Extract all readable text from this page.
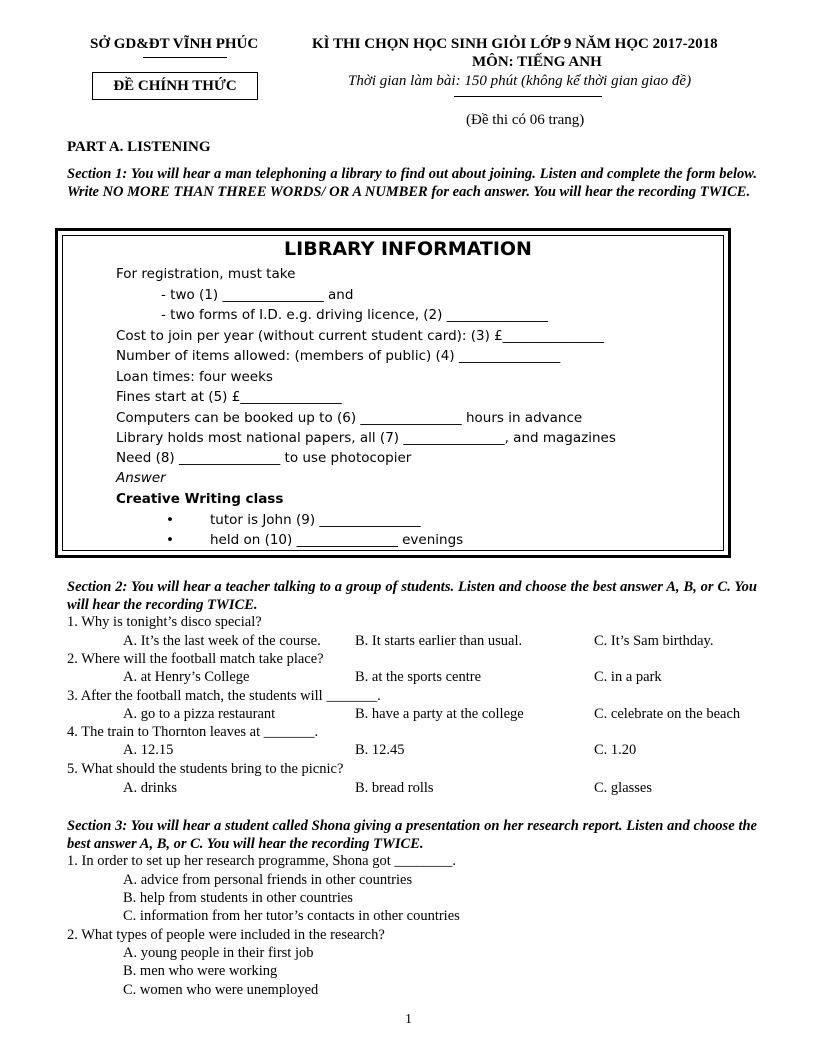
SỞ GD&ĐT VĨNH PHÚC
ĐỀ CHÍNH THỨC
KÌ THI CHỌN HỌC SINH GIỎI LỚP 9 NĂM HỌC 2017-2018
MÔN: TIẾNG ANH
Thời gian làm bài: 150 phút (không kể thời gian giao đề)
(Đề thi có 06 trang)
PART A. LISTENING
Section 1: You will hear a man telephoning a library to find out about joining. Listen and complete the form below. Write NO MORE THAN THREE WORDS/ OR A NUMBER for each answer. You will hear the recording TWICE.
LIBRARY INFORMATION
For registration, must take
- two (1) _______________ and
- two forms of I.D. e.g. driving licence, (2) _______________
Cost to join per year (without current student card): (3) £_______________
Number of items allowed: (members of public) (4) _______________
Loan times: four weeks
Fines start at (5) £_______________
Computers can be booked up to (6) _______________ hours in advance
Library holds most national papers, all (7) _______________, and magazines
Need (8) _______________ to use photocopier
Answer
Creative Writing class
•	tutor is John (9) _______________
•	held on (10) _______________ evenings
Section 2: You will hear a teacher talking to a group of students. Listen and choose the best answer A, B, or C. You will hear the recording TWICE.
1. Why is tonight’s disco special?
A. It’s the last week of the course. B. It starts earlier than usual.	C. It’s Sam birthday.
2. Where will the football match take place?
A. at Henry’s College	B. at the sports centre	C. in a park
3. After the football match, the students will _______.
A. go to a pizza restaurant	B. have a party at the college	C. celebrate on the beach
4. The train to Thornton leaves at _______.
A. 12.15	B. 12.45	C. 1.20
5. What should the students bring to the picnic?
A. drinks	B. bread rolls	C. glasses
Section 3: You will hear a student called Shona giving a presentation on her research report. Listen and choose the best answer A, B, or C. You will hear the recording TWICE.
1. In order to set up her research programme, Shona got ________.
A. advice from personal friends in other countries
B. help from students in other countries
C. information from her tutor’s contacts in other countries
2. What types of people were included in the research?
A. young people in their first job
B. men who were working
C. women who were unemployed
1
